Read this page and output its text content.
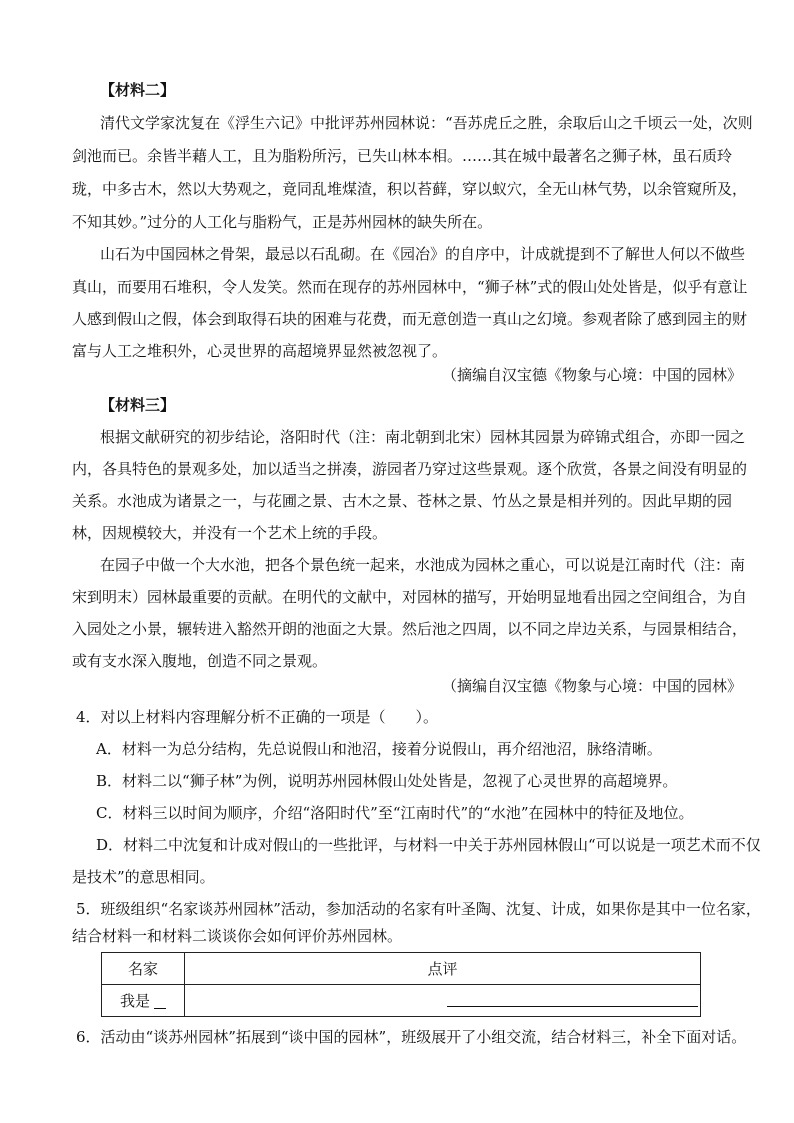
【材料二】
清代文学家沈复在《浮生六记》中批评苏州园林说：“吾苏虎丘之胜，余取后山之千顷云一处，次则
剑池而已。余皆半藉人工，且为脂粉所污，已失山林本相。……其在城中最著名之狮子林，虽石质玲
珑，中多古木，然以大势观之，竟同乱堆煤渣，积以苔藓，穿以蚁穴，全无山林气势，以余管窥所及，
不知其妙。”过分的人工化与脂粉气，正是苏州园林的缺失所在。
山石为中国园林之骨架，最忌以石乱砌。在《园冶》的自序中，计成就提到不了解世人何以不做些
真山，而要用石堆积，令人发笑。然而在现存的苏州园林中，“狮子林”式的假山处处皆是，似乎有意让
人感到假山之假，体会到取得石块的困难与花费，而无意创造一真山之幻境。参观者除了感到园主的财
富与人工之堆积外，心灵世界的高超境界显然被忽视了。
（摘编自汉宝德《物象与心境：中国的园林》
【材料三】
根据文献研究的初步结论，洛阳时代（注：南北朝到北宋）园林其园景为碎锦式组合，亦即一园之
内，各具特色的景观多处，加以适当之拼凑，游园者乃穿过这些景观。逐个欣赏，各景之间没有明显的
关系。水池成为诸景之一，与花圃之景、古木之景、苍林之景、竹丛之景是相并列的。因此早期的园
林，因规模较大，并没有一个艺术上统的手段。
在园子中做一个大水池，把各个景色统一起来，水池成为园林之重心，可以说是江南时代（注：南
宋到明末）园林最重要的贡献。在明代的文献中，对园林的描写，开始明显地看出园之空间组合，为自
入园处之小景，辗转进入豁然开朗的池面之大景。然后池之四周，以不同之岸边关系，与园景相结合，
或有支水深入腹地，创造不同之景观。
（摘编自汉宝德《物象与心境：中国的园林》
4．对以上材料内容理解分析不正确的一项是（　　）。
A．材料一为总分结构，先总说假山和池沼，接着分说假山，再介绍池沼，脉络清晰。
B．材料二以“狮子林”为例，说明苏州园林假山处处皆是，忽视了心灵世界的高超境界。
C．材料三以时间为顺序，介绍“洛阳时代”至“江南时代”的“水池”在园林中的特征及地位。
D．材料二中沈复和计成对假山的一些批评，与材料一中关于苏州园林假山“可以说是一项艺术而不仅
是技术”的意思相同。
5．班级组织“名家谈苏州园林”活动，参加活动的名家有叶圣陶、沈复、计成，如果你是其中一位名家，
结合材料一和材料二谈谈你会如何评价苏州园林。
名家	点评
我是	
6．活动由“谈苏州园林”拓展到“谈中国的园林”，班级展开了小组交流，结合材料三，补全下面对话。
